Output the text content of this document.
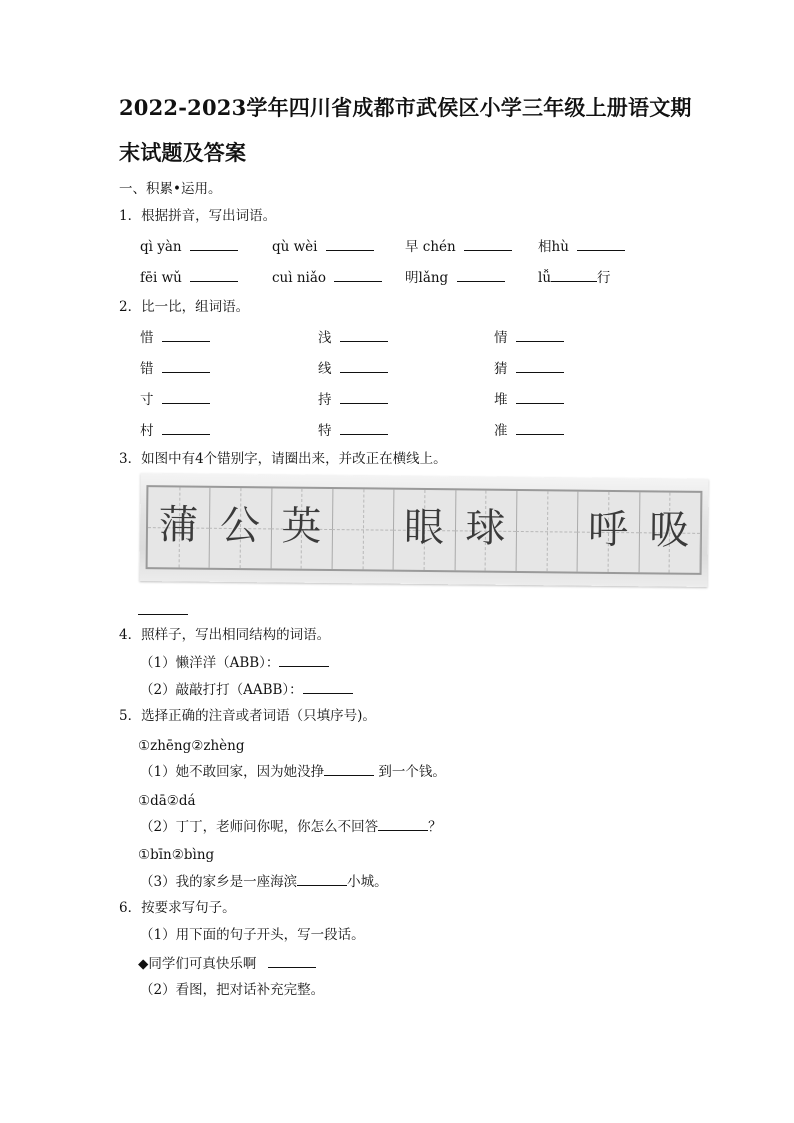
2022-2023学年四川省成都市武侯区小学三年级上册语文期
末试题及答案
一、积累•运用。
1．根据拼音，写出词语。
qì yàn	qù wèi	早 chén	相hù
fēi wǔ	cuì niǎo	明lǎng	lǚ	行
2．比一比，组词语。
惜	浅	情
错	线	猜
寸	持	堆
村	特	准
3．如图中有4个错别字，请圈出来，并改正在横线上。
蒲 公 英 眼 球 呼 吸
4．照样子，写出相同结构的词语。
（1）懒洋洋（ABB）：
（2）敲敲打打（AABB）：
5．选择正确的注音或者词语（只填序号)。
①zhēng②zhèng
（1）她不敢回家，因为她没挣	到一个钱。
①dā②dá
（2）丁丁，老师问你呢，你怎么不回答	？
①bīn②bìng
（3）我的家乡是一座海滨	小城。
6．按要求写句子。
（1）用下面的句子开头，写一段话。
◆同学们可真快乐啊
（2）看图，把对话补充完整。
